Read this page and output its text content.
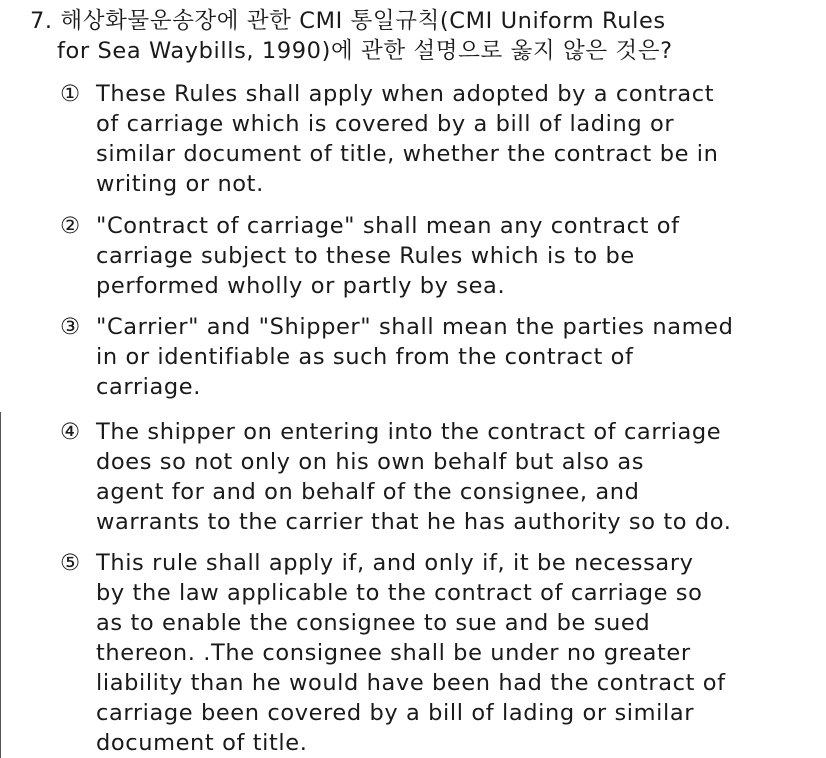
7. 해상화물운송장에 관한 CMI 통일규칙(CMI Uniform Rules
for Sea Waybills, 1990)에 관한 설명으로 옳지 않은 것은?
① These Rules shall apply when adopted by a contract
of carriage which is covered by a bill of lading or
similar document of title, whether the contract be in
writing or not.
② "Contract of carriage" shall mean any contract of
carriage subject to these Rules which is to be
performed wholly or partly by sea.
③ "Carrier" and "Shipper" shall mean the parties named
in or identifiable as such from the contract of
carriage.
④ The shipper on entering into the contract of carriage
does so not only on his own behalf but also as
agent for and on behalf of the consignee, and
warrants to the carrier that he has authority so to do.
⑤ This rule shall apply if, and only if, it be necessary
by the law applicable to the contract of carriage so
as to enable the consignee to sue and be sued
thereon. .The consignee shall be under no greater
liability than he would have been had the contract of
carriage been covered by a bill of lading or similar
document of title.
